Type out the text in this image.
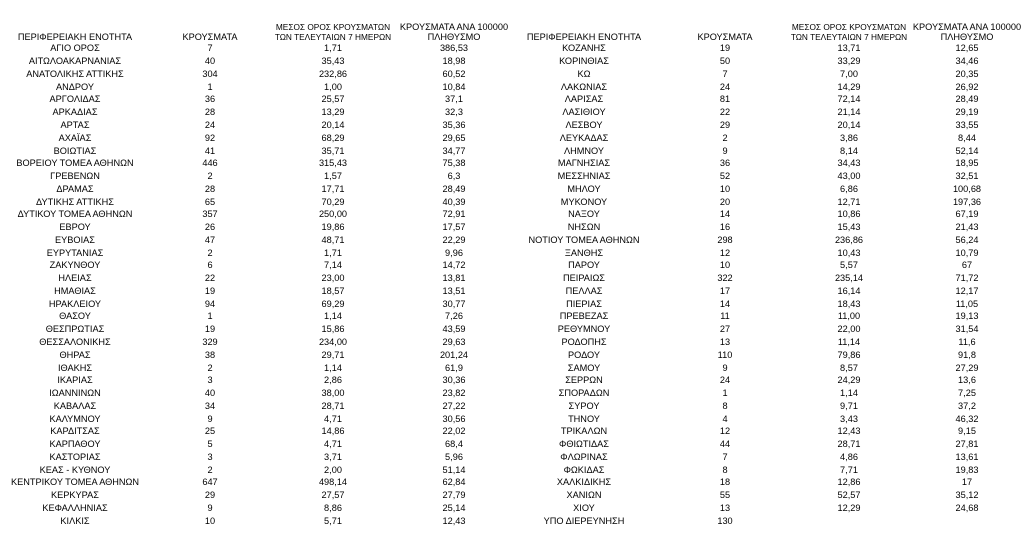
ΠΕΡΙΦΕΡΕΙΑΚΗ ΕΝΟΤΗΤΑ	ΚΡΟΥΣΜΑΤΑ	ΜΕΣΟΣ ΟΡΟΣ ΚΡΟΥΣΜΑΤΩΝ
ΤΩΝ ΤΕΛΕΥΤΑΙΩΝ 7 ΗΜΕΡΩΝ	ΚΡΟΥΣΜΑΤΑ ΑΝΑ 100000
ΠΛΗΘΥΣΜΟ

ΑΓΙΟ ΟΡΟΣ	7	1,71	386,53
ΑΙΤΩΛΟΑΚΑΡΝΑΝΙΑΣ	40	35,43	18,98
ΑΝΑΤΟΛΙΚΗΣ ΑΤΤΙΚΗΣ	304	232,86	60,52
ΑΝΔΡΟΥ	1	1,00	10,84
ΑΡΓΟΛΙΔΑΣ	36	25,57	37,1
ΑΡΚΑΔΙΑΣ	28	13,29	32,3
ΑΡΤΑΣ	24	20,14	35,36
ΑΧΑΪΑΣ	92	68,29	29,65
ΒΟΙΩΤΙΑΣ	41	35,71	34,77
ΒΟΡΕΙΟΥ ΤΟΜΕΑ ΑΘΗΝΩΝ	446	315,43	75,38
ΓΡΕΒΕΝΩΝ	2	1,57	6,3
ΔΡΑΜΑΣ	28	17,71	28,49
ΔΥΤΙΚΗΣ ΑΤΤΙΚΗΣ	65	70,29	40,39
ΔΥΤΙΚΟΥ ΤΟΜΕΑ ΑΘΗΝΩΝ	357	250,00	72,91
ΕΒΡΟΥ	26	19,86	17,57
ΕΥΒΟΙΑΣ	47	48,71	22,29
ΕΥΡΥΤΑΝΙΑΣ	2	1,71	9,96
ΖΑΚΥΝΘΟΥ	6	7,14	14,72
ΗΛΕΙΑΣ	22	23,00	13,81
ΗΜΑΘΙΑΣ	19	18,57	13,51
ΗΡΑΚΛΕΙΟΥ	94	69,29	30,77
ΘΑΣΟΥ	1	1,14	7,26
ΘΕΣΠΡΩΤΙΑΣ	19	15,86	43,59
ΘΕΣΣΑΛΟΝΙΚΗΣ	329	234,00	29,63
ΘΗΡΑΣ	38	29,71	201,24
ΙΘΑΚΗΣ	2	1,14	61,9
ΙΚΑΡΙΑΣ	3	2,86	30,36
ΙΩΑΝΝΙΝΩΝ	40	38,00	23,82
ΚΑΒΑΛΑΣ	34	28,71	27,22
ΚΑΛΥΜΝΟΥ	9	4,71	30,56
ΚΑΡΔΙΤΣΑΣ	25	14,86	22,02
ΚΑΡΠΑΘΟΥ	5	4,71	68,4
ΚΑΣΤΟΡΙΑΣ	3	3,71	5,96
ΚΕΑΣ - ΚΥΘΝΟΥ	2	2,00	51,14
ΚΕΝΤΡΙΚΟΥ ΤΟΜΕΑ ΑΘΗΝΩΝ	647	498,14	62,84
ΚΕΡΚΥΡΑΣ	29	27,57	27,79
ΚΕΦΑΛΛΗΝΙΑΣ	9	8,86	25,14
ΚΙΛΚΙΣ	10	5,71	12,43
ΠΕΡΙΦΕΡΕΙΑΚΗ ΕΝΟΤΗΤΑ	ΚΡΟΥΣΜΑΤΑ	ΜΕΣΟΣ ΟΡΟΣ ΚΡΟΥΣΜΑΤΩΝ
ΤΩΝ ΤΕΛΕΥΤΑΙΩΝ 7 ΗΜΕΡΩΝ	ΚΡΟΥΣΜΑΤΑ ΑΝΑ 100000
ΠΛΗΘΥΣΜΟ

ΚΟΖΑΝΗΣ	19	13,71	12,65
ΚΟΡΙΝΘΙΑΣ	50	33,29	34,46
ΚΩ	7	7,00	20,35
ΛΑΚΩΝΙΑΣ	24	14,29	26,92
ΛΑΡΙΣΑΣ	81	72,14	28,49
ΛΑΣΙΘΙΟΥ	22	21,14	29,19
ΛΕΣΒΟΥ	29	20,14	33,55
ΛΕΥΚΑΔΑΣ	2	3,86	8,44
ΛΗΜΝΟΥ	9	8,14	52,14
ΜΑΓΝΗΣΙΑΣ	36	34,43	18,95
ΜΕΣΣΗΝΙΑΣ	52	43,00	32,51
ΜΗΛΟΥ	10	6,86	100,68
ΜΥΚΟΝΟΥ	20	12,71	197,36
ΝΑΞΟΥ	14	10,86	67,19
ΝΗΣΩΝ	16	15,43	21,43
ΝΟΤΙΟΥ ΤΟΜΕΑ ΑΘΗΝΩΝ	298	236,86	56,24
ΞΑΝΘΗΣ	12	10,43	10,79
ΠΑΡΟΥ	10	5,57	67
ΠΕΙΡΑΙΩΣ	322	235,14	71,72
ΠΕΛΛΑΣ	17	16,14	12,17
ΠΙΕΡΙΑΣ	14	18,43	11,05
ΠΡΕΒΕΖΑΣ	11	11,00	19,13
ΡΕΘΥΜΝΟΥ	27	22,00	31,54
ΡΟΔΟΠΗΣ	13	11,14	11,6
ΡΟΔΟΥ	110	79,86	91,8
ΣΑΜΟΥ	9	8,57	27,29
ΣΕΡΡΩΝ	24	24,29	13,6
ΣΠΟΡΑΔΩΝ	1	1,14	7,25
ΣΥΡΟΥ	8	9,71	37,2
ΤΗΝΟΥ	4	3,43	46,32
ΤΡΙΚΑΛΩΝ	12	12,43	9,15
ΦΘΙΩΤΙΔΑΣ	44	28,71	27,81
ΦΛΩΡΙΝΑΣ	7	4,86	13,61
ΦΩΚΙΔΑΣ	8	7,71	19,83
ΧΑΛΚΙΔΙΚΗΣ	18	12,86	17
ΧΑΝΙΩΝ	55	52,57	35,12
ΧΙΟΥ	13	12,29	24,68
ΥΠΟ ΔΙΕΡΕΥΝΗΣΗ	130		
